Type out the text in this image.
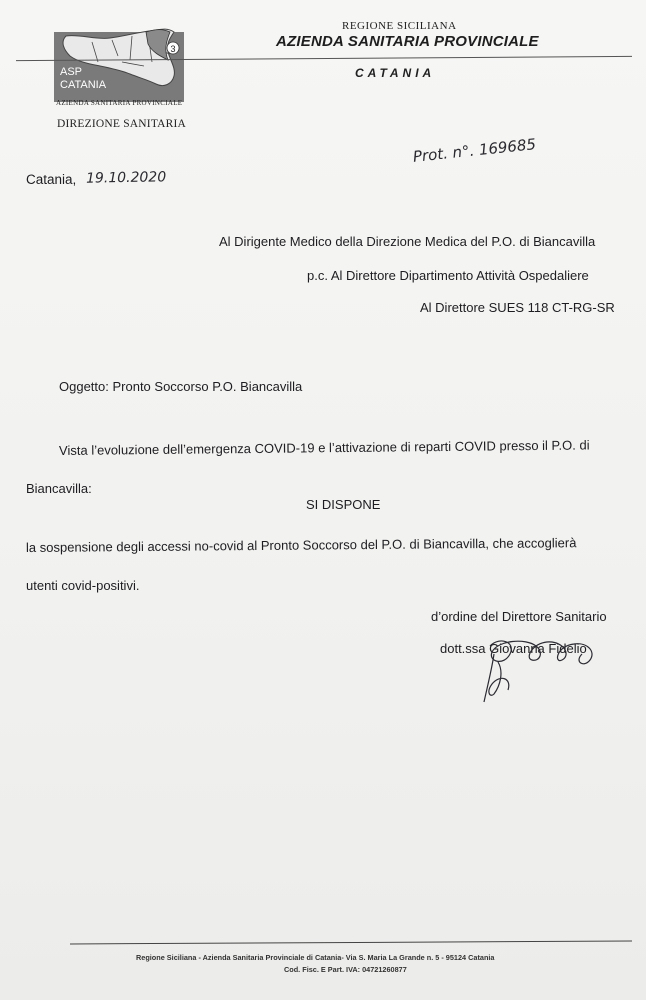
3
ASP
CATANIA
AZIENDA SANITARIA PROVINCIALE
DIREZIONE SANITARIA
REGIONE SICILIANA
AZIENDA SANITARIA PROVINCIALE
CATANIA
Prot. n°. 169685
Catania, 19.10.2020
Al Dirigente Medico della Direzione Medica del P.O. di Biancavilla
p.c. Al Direttore Dipartimento Attività Ospedaliere
Al Direttore SUES 118 CT-RG-SR
Oggetto: Pronto Soccorso P.O. Biancavilla
Vista l’evoluzione dell’emergenza COVID-19 e l’attivazione di reparti COVID presso il P.O. di
Biancavilla:
SI DISPONE
la sospensione degli accessi no-covid al Pronto Soccorso del P.O. di Biancavilla, che accoglierà
utenti covid-positivi.
d’ordine del Direttore Sanitario
dott.ssa Giovanna Fidelio
Regione Siciliana - Azienda Sanitaria Provinciale di Catania- Via S. Maria La Grande n. 5 - 95124 Catania
Cod. Fisc. E Part. IVA: 04721260877
